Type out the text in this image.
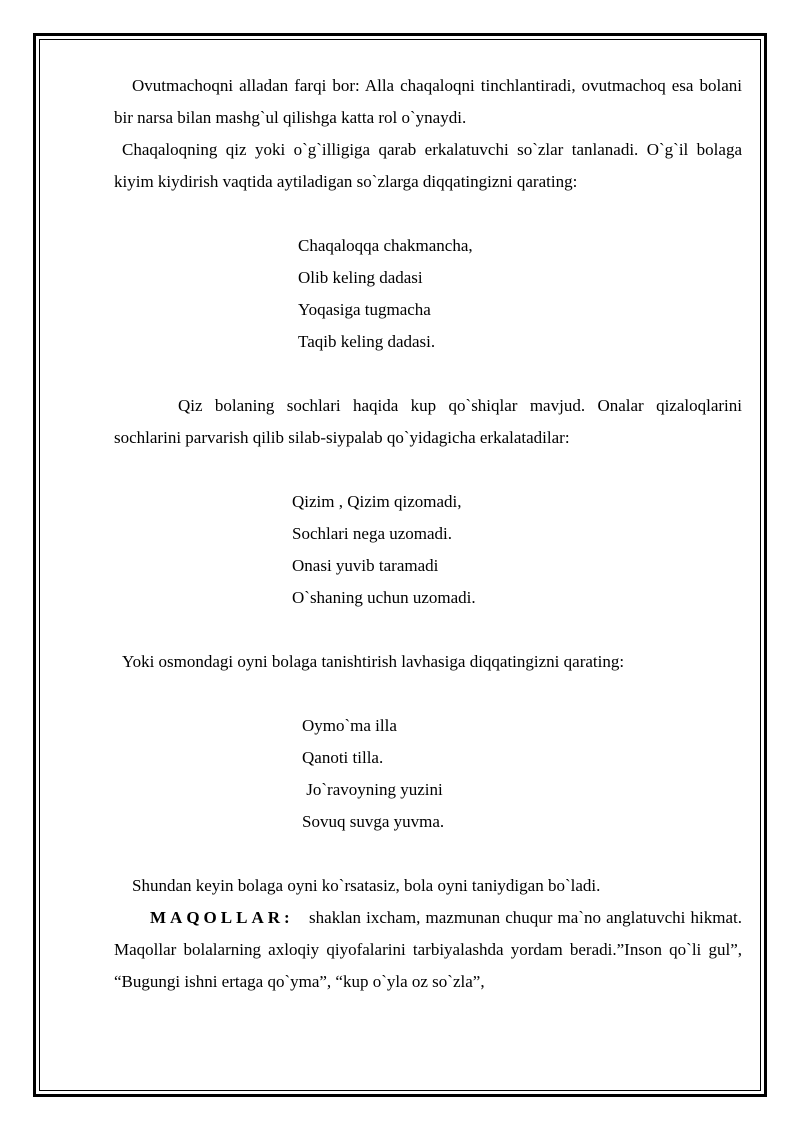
Ovutmachoqni alladan farqi bor: Alla chaqaloqni tinchlantiradi, ovutmachoq esa bolani bir narsa bilan mashg`ul qilishga katta rol o`ynaydi.

Chaqaloqning qiz yoki o`g`illigiga qarab erkalatuvchi so`zlar tanlanadi. O`g`il bolaga kiyim kiydirish vaqtida aytiladigan so`zlarga diqqatingizni qarating:

Chaqaloqqa chakmancha,
Olib keling dadasi
Yoqasiga tugmacha
Taqib keling dadasi.

Qiz bolaning sochlari haqida kup qo`shiqlar mavjud. Onalar qizaloqlarini sochlarini parvarish qilib silab-siypalab qo`yidagicha erkalatadilar:

Qizim , Qizim qizomadi,
Sochlari nega uzomadi.
Onasi yuvib taramadi
O`shaning uchun uzomadi.

Yoki osmondagi oyni bolaga tanishtirish lavhasiga diqqatingizni qarating:

Oymo`ma illa
Qanoti tilla.
Jo`ravoyning yuzini
Sovuq suvga yuvma.

Shundan keyin bolaga oyni ko`rsatasiz, bola oyni taniydigan bo`ladi.

MAQOLLAR: shaklan ixcham, mazmunan chuqur ma`no anglatuvchi hikmat. Maqollar bolalarning axloqiy qiyofalarini tarbiyalashda yordam beradi.”Inson qo`li gul”, “Bugungi ishni ertaga qo`yma”, “kup o`yla oz so`zla”,
